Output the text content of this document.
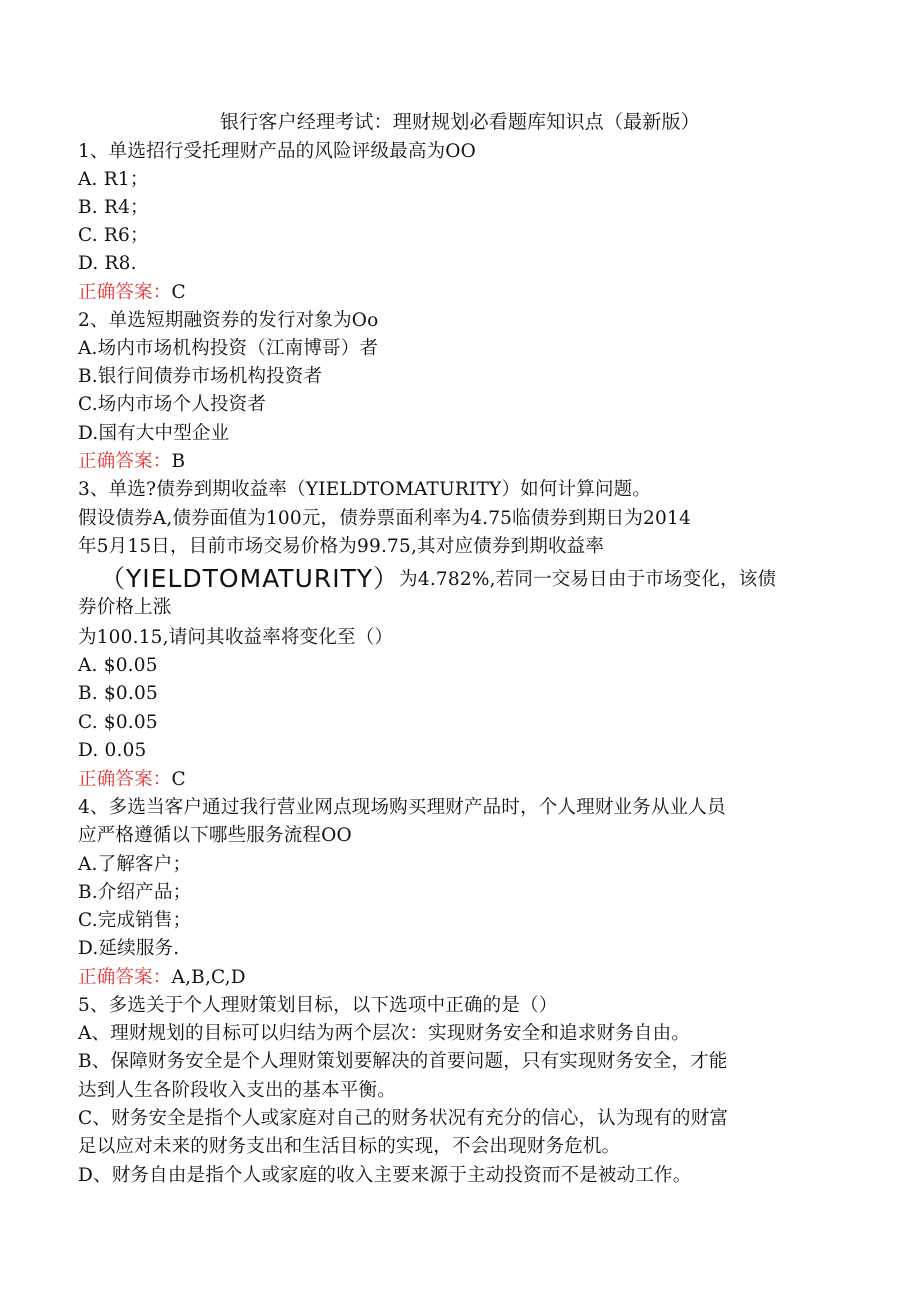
银行客户经理考试：理财规划必看题库知识点（最新版）
1、单选招行受托理财产品的风险评级最高为OO
A. R1；
B. R4；
C. R6；
D. R8.
正确答案：C
2、单选短期融资券的发行对象为Oo
A.场内市场机构投资（江南博哥）者
B.银行间债券市场机构投资者
C.场内市场个人投资者
D.国有大中型企业
正确答案：B
3、单选?债券到期收益率（YIELDTOMATURITY）如何计算问题。
假设债券A,债券面值为100元，债券票面利率为4.75临债券到期日为2014
年5月15日，目前市场交易价格为99.75,其对应债券到期收益率
（YIELDTOMATURITY）为4.782%,若同一交易日由于市场变化，该债
券价格上涨
为100.15,请问其收益率将变化至（）
A. $0.05
B. $0.05
C. $0.05
D. 0.05
正确答案：C
4、多选当客户通过我行营业网点现场购买理财产品时，个人理财业务从业人员
应严格遵循以下哪些服务流程OO
A.了解客户；
B.介绍产品；
C.完成销售；
D.延续服务.
正确答案：A,B,C,D
5、多选关于个人理财策划目标，以下选项中正确的是（）
A、理财规划的目标可以归结为两个层次：实现财务安全和追求财务自由。
B、保障财务安全是个人理财策划要解决的首要问题，只有实现财务安全，才能
达到人生各阶段收入支出的基本平衡。
C、财务安全是指个人或家庭对自己的财务状况有充分的信心，认为现有的财富
足以应对未来的财务支出和生活目标的实现，不会出现财务危机。
D、财务自由是指个人或家庭的收入主要来源于主动投资而不是被动工作。
